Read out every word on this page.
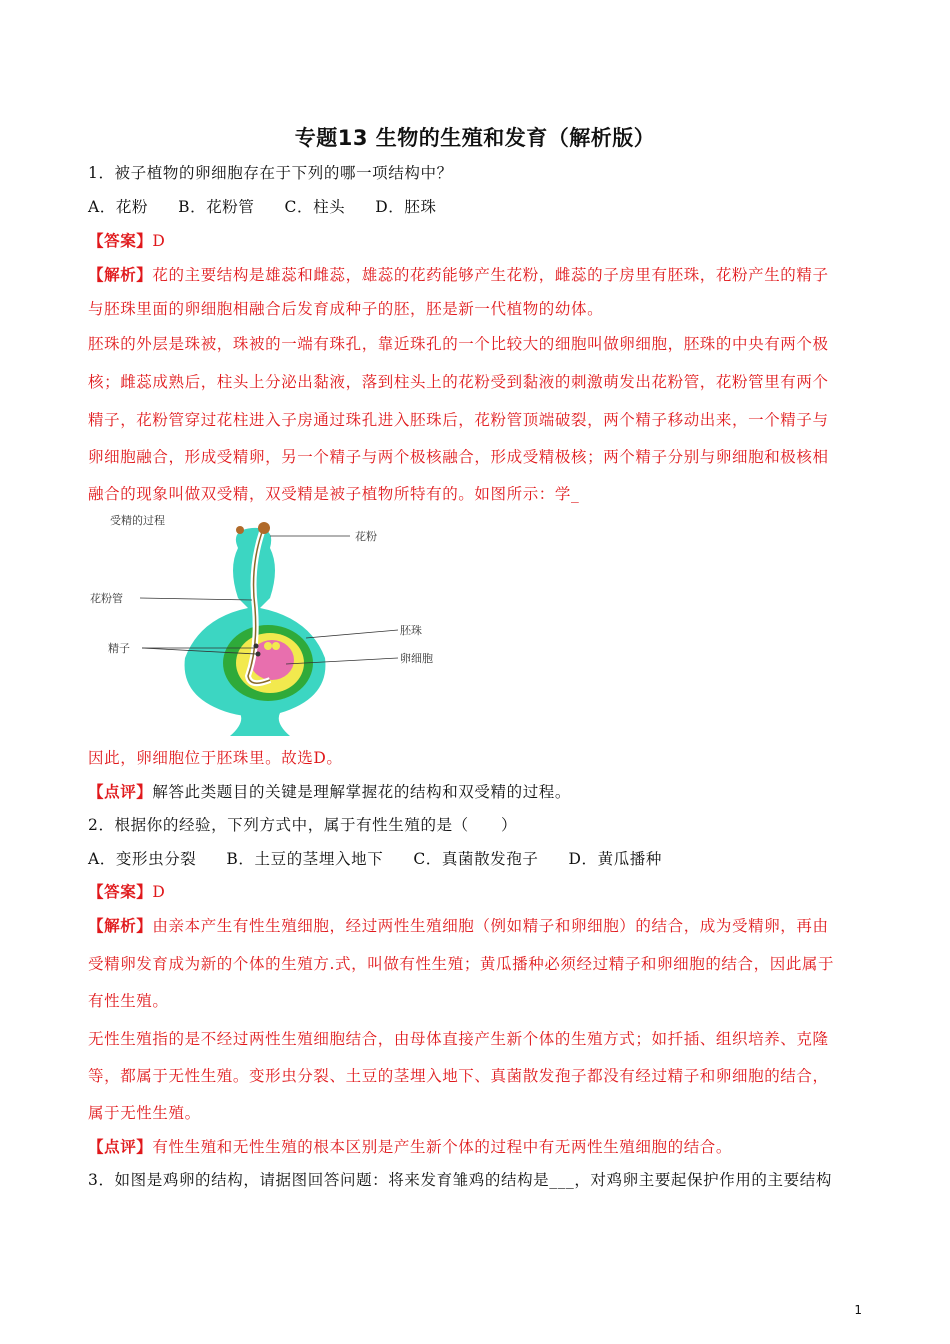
专题13 生物的生殖和发育（解析版）
1．被子植物的卵细胞存在于下列的哪一项结构中？
A．花粉 B．花粉管 C．柱头 D．胚珠
【答案】D
【解析】花的主要结构是雄蕊和雌蕊，雄蕊的花药能够产生花粉，雌蕊的子房里有胚珠，花粉产生的精子
与胚珠里面的卵细胞相融合后发育成种子的胚，胚是新一代植物的幼体。
胚珠的外层是珠被，珠被的一端有珠孔，靠近珠孔的一个比较大的细胞叫做卵细胞，胚珠的中央有两个极
核；雌蕊成熟后，柱头上分泌出黏液，落到柱头上的花粉受到黏液的刺激萌发出花粉管，花粉管里有两个
精子，花粉管穿过花柱进入子房通过珠孔进入胚珠后，花粉管顶端破裂，两个精子移动出来，一个精子与
卵细胞融合，形成受精卵，另一个精子与两个极核融合，形成受精极核；两个精子分别与卵细胞和极核相
融合的现象叫做双受精，双受精是被子植物所特有的。如图所示：学_
受精的过程
花粉
花粉管
胚珠
精子
卵细胞
因此，卵细胞位于胚珠里。故选D。
【点评】解答此类题目的关键是理解掌握花的结构和双受精的过程。
2．根据你的经验，下列方式中，属于有性生殖的是（　　）
A．变形虫分裂 B．土豆的茎埋入地下 C．真菌散发孢子 D．黄瓜播种
【答案】D
【解析】由亲本产生有性生殖细胞，经过两性生殖细胞（例如精子和卵细胞）的结合，成为受精卵，再由
受精卵发育成为新的个体的生殖方.式，叫做有性生殖；黄瓜播种必须经过精子和卵细胞的结合，因此属于
有性生殖。
无性生殖指的是不经过两性生殖细胞结合，由母体直接产生新个体的生殖方式；如扦插、组织培养、克隆
等，都属于无性生殖。变形虫分裂、土豆的茎埋入地下、真菌散发孢子都没有经过精子和卵细胞的结合，
属于无性生殖。
【点评】有性生殖和无性生殖的根本区别是产生新个体的过程中有无两性生殖细胞的结合。
3．如图是鸡卵的结构，请据图回答问题：将来发育雏鸡的结构是___，对鸡卵主要起保护作用的主要结构
1
